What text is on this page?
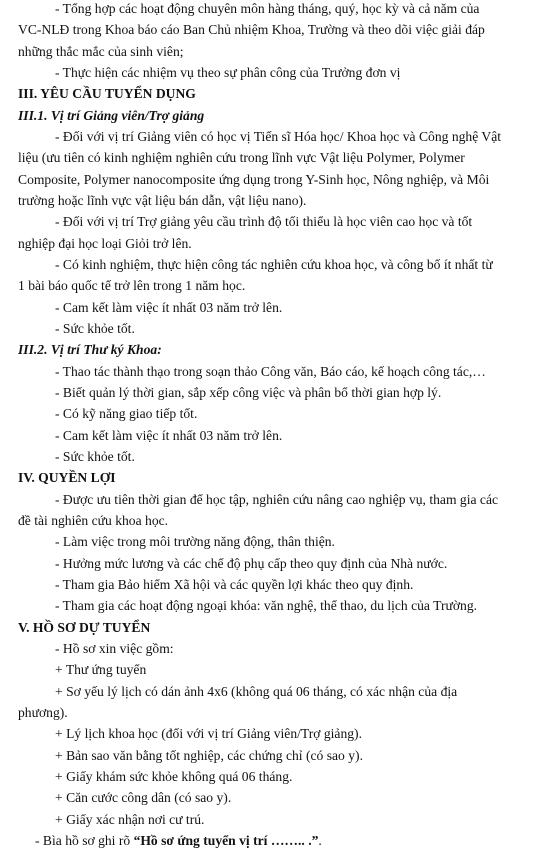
- Tổng hợp các hoạt động chuyên môn hàng tháng, quý, học kỳ và cả năm của
VC-NLĐ trong Khoa báo cáo Ban Chủ nhiệm Khoa, Trường và theo dõi việc giải đáp
những thắc mắc của sinh viên;
- Thực hiện các nhiệm vụ theo sự phân công của Trưởng đơn vị
III. YÊU CẦU TUYỂN DỤNG
III.1. Vị trí Giảng viên/Trợ giảng
- Đối với vị trí Giảng viên có học vị Tiến sĩ Hóa học/ Khoa học và Công nghệ Vật
liệu (ưu tiên có kinh nghiệm nghiên cứu trong lĩnh vực Vật liệu Polymer, Polymer
Composite, Polymer nanocomposite ứng dụng trong Y-Sinh học, Nông nghiệp, và Môi
trường hoặc lĩnh vực vật liệu bán dẫn, vật liệu nano).
- Đối với vị trí Trợ giảng yêu cầu trình độ tối thiểu là học viên cao học và tốt
nghiệp đại học loại Giỏi trở lên.
- Có kinh nghiệm, thực hiện công tác nghiên cứu khoa học, và công bố ít nhất từ
1 bài báo quốc tế trở lên trong 1 năm học.
- Cam kết làm việc ít nhất 03 năm trở lên.
- Sức khỏe tốt.
III.2. Vị trí Thư ký Khoa:
- Thao tác thành thạo trong soạn thảo Công văn, Báo cáo, kế hoạch công tác,…
- Biết quản lý thời gian, sắp xếp công việc và phân bổ thời gian hợp lý.
- Có kỹ năng giao tiếp tốt.
- Cam kết làm việc ít nhất 03 năm trở lên.
- Sức khỏe tốt.
IV. QUYỀN LỢI
- Được ưu tiên thời gian để học tập, nghiên cứu nâng cao nghiệp vụ, tham gia các
đề tài nghiên cứu khoa học.
- Làm việc trong môi trường năng động, thân thiện.
- Hưởng mức lương và các chế độ phụ cấp theo quy định của Nhà nước.
- Tham gia Bảo hiểm Xã hội và các quyền lợi khác theo quy định.
- Tham gia các hoạt động ngoại khóa: văn nghệ, thể thao, du lịch của Trường.
V. HỒ SƠ DỰ TUYỂN
- Hồ sơ xin việc gồm:
+ Thư ứng tuyển
+ Sơ yếu lý lịch có dán ảnh 4x6 (không quá 06 tháng, có xác nhận của địa
phương).
+ Lý lịch khoa học (đối với vị trí Giảng viên/Trợ giảng).
+ Bản sao văn bằng tốt nghiệp, các chứng chỉ (có sao y).
+ Giấy khám sức khỏe không quá 06 tháng.
+ Căn cước công dân (có sao y).
+ Giấy xác nhận nơi cư trú.
- Bìa hồ sơ ghi rõ “Hồ sơ ứng tuyển vị trí …….. .”.
